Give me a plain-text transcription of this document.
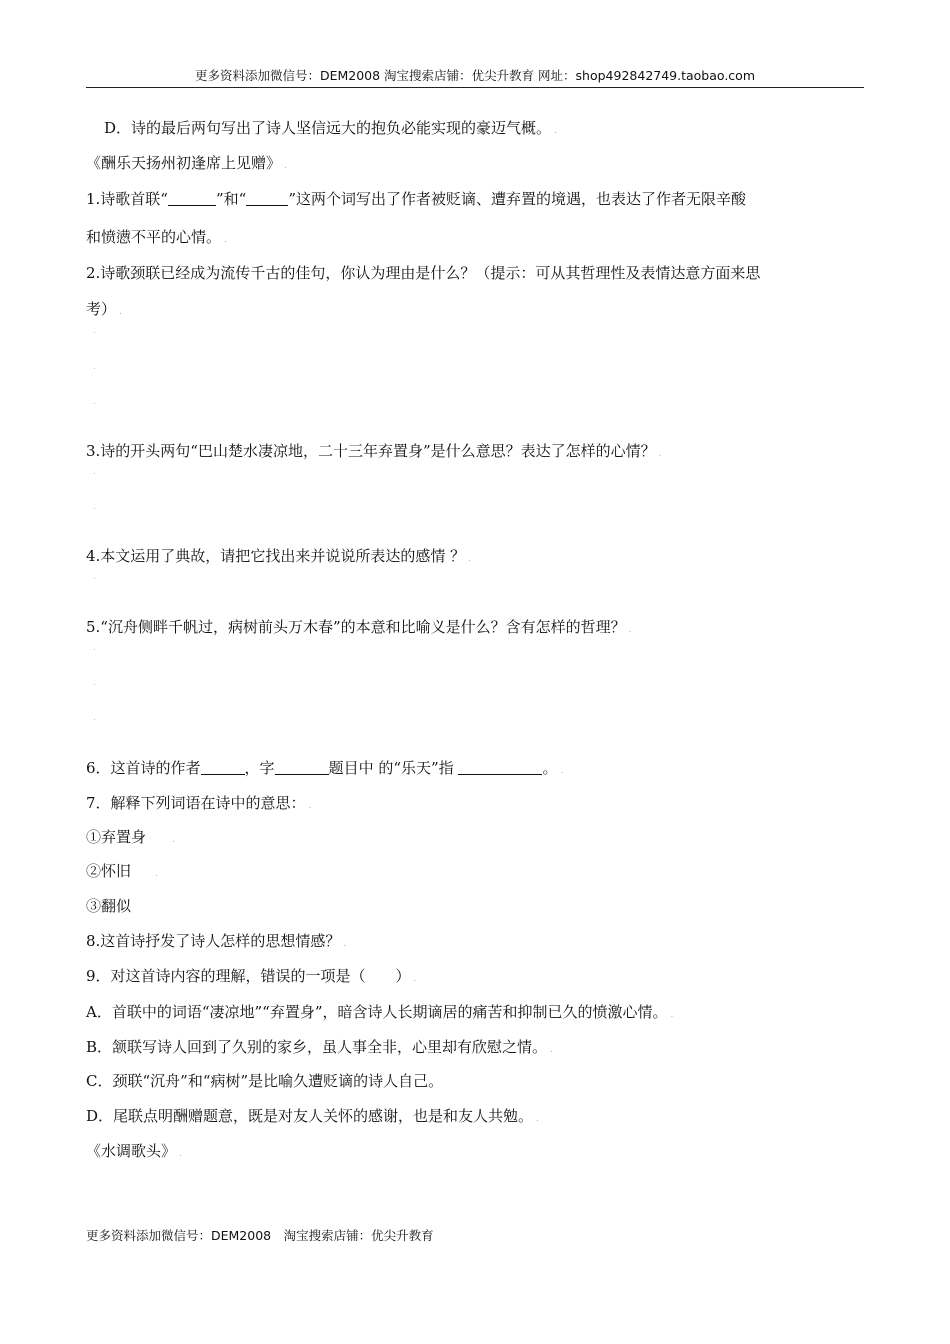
更多资料添加微信号：DEM2008 淘宝搜索店铺：优尖升教育 网址：shop492842749.taobao.com
D．诗的最后两句写出了诗人坚信远大的抱负必能实现的豪迈气概。 .
《酬乐天扬州初逢席上见赠》 .
1.诗歌首联“	”和“	”这两个词写出了作者被贬谪、遭弃置的境遇，也表达了作者无限辛酸
和愤懑不平的心情。 .
2.诗歌颈联已经成为流传千古的佳句，你认为理由是什么？（提示：可从其哲理性及表情达意方面来思
考） .
.
.
.
3.诗的开头两句“巴山楚水凄凉地，二十三年弃置身”是什么意思？表达了怎样的心情？ .
.
.
4.本文运用了典故，请把它找出来并说说所表达的感情 ？ .
.
5.“沉舟侧畔千帆过，病树前头万木春”的本意和比喻义是什么？含有怎样的哲理？ .
.
.
.
6．这首诗的作者	，字	题目中 的“乐天”指	。 .
7．解释下列词语在诗中的意思： .
①弃置身	.
②怀旧	.
③翻似
8.这首诗抒发了诗人怎样的思想情感？ .
9．对这首诗内容的理解，错误的一项是（　　） .
A．首联中的词语“凄凉地”“弃置身”，暗含诗人长期谪居的痛苦和抑制已久的愤激心情。 .
B．颔联写诗人回到了久别的家乡，虽人事全非，心里却有欣慰之情。 .
C．颈联“沉舟”和“病树”是比喻久遭贬谪的诗人自己。
D．尾联点明酬赠题意，既是对友人关怀的感谢，也是和友人共勉。 .
《水调歌头》 .
更多资料添加微信号：DEM2008　淘宝搜索店铺：优尖升教育
